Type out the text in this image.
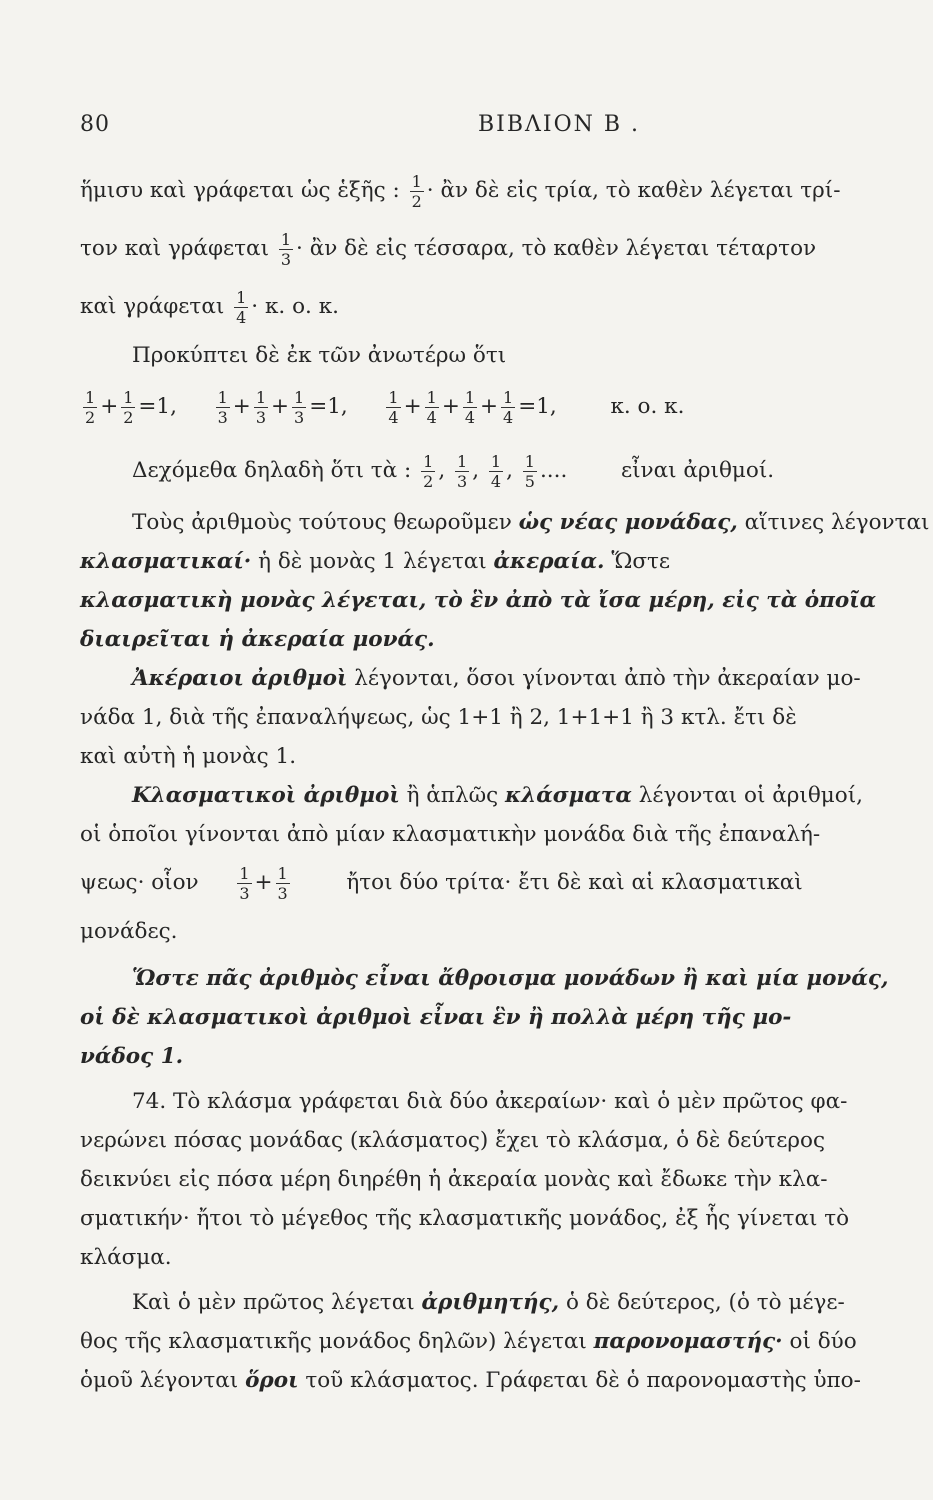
80	ΒΙΒΛΙΟΝ Β .
ἥμισυ καὶ γράφεται ὡς ἑξῆς : $\frac{1}{2}$ · ἂν δὲ εἰς τρία, τὸ καθὲν λέγεται τρί-
τον καὶ γράφεται $\frac{1}{3}$ · ἂν δὲ εἰς τέσσαρα, τὸ καθὲν λέγεται τέταρτον
καὶ γράφεται $\frac{1}{4} \cdot \kappa$. ο. κ.
Προκύπτει δὲ ἐκ τῶν ἀνωτέρω ὅτι
$\frac{1}{2} + \frac{1}{2} =1$, $\frac{1}{3} + \frac{1}{3} + \frac{1}{3} =1$, $\frac{1}{4} + \frac{1}{4} + \frac{1}{4} + \frac{1}{4} =1$, κ. ο. κ.
Δεχόμεθα δηλαδὴ ὅτι τὰ : $\frac{1}{2}$ , $\frac{1}{3}$ , $\frac{1}{4}$ , $\frac{1}{5}$ .... εἶναι ἀριθμοί.
Τοὺς ἀριθμοὺς τούτους θεωροῦμεν ὡς νέας μονάδας, αἵτινες λέγονται
κλασματικαί· ἡ δὲ μονὰς 1 λέγεται ἀκεραία. Ὥστε
κλασματικὴ μονὰς λέγεται, τὸ ἓν ἀπὸ τὰ ἴσα μέρη, εἰς τὰ ὁποῖα
διαιρεῖται ἡ ἀκεραία μονάς.
Ἀκέραιοι ἀριθμοὶ λέγονται, ὅσοι γίνονται ἀπὸ τὴν ἀκεραίαν μο-
νάδα 1, διὰ τῆς ἐπαναλήψεως, ὡς 1+1 ἢ 2, 1+1+1 ἢ 3 κτλ. ἔτι δὲ
καὶ αὐτὴ ἡ μονὰς 1.
Κλασματικοὶ ἀριθμοὶ ἢ ἁπλῶς κλάσματα λέγονται οἱ ἀριθμοί,
οἱ ὁποῖοι γίνονται ἀπὸ μίαν κλασματικὴν μονάδα διὰ τῆς ἐπαναλή-
ψεως· οἷον $\frac{1}{3} + \frac{1}{3}$	ἤτοι δύο τρίτα· ἔτι δὲ καὶ αἱ κλασματικαὶ
μονάδες.
Ὥστε πᾶς ἀριθμὸς εἶναι ἄθροισμα μονάδων ἢ καὶ μία μονάς,
οἱ δὲ κλασματικοὶ ἀριθμοὶ εἶναι ἓν ἢ πολλὰ μέρη τῆς μο-
νάδος 1.
74. Τὸ κλάσμα γράφεται διὰ δύο ἀκεραίων· καὶ ὁ μὲν πρῶτος φα-
νερώνει πόσας μονάδας (κλάσματος) ἔχει τὸ κλάσμα, ὁ δὲ δεύτερος
δεικνύει εἰς πόσα μέρη διηρέθη ἡ ἀκεραία μονὰς καὶ ἔδωκε τὴν κλα-
σματικήν· ἤτοι τὸ μέγεθος τῆς κλασματικῆς μονάδος, ἐξ ἧς γίνεται τὸ
κλάσμα.
Καὶ ὁ μὲν πρῶτος λέγεται ἀριθμητής, ὁ δὲ δεύτερος, (ὁ τὸ μέγε-
θος τῆς κλασματικῆς μονάδος δηλῶν) λέγεται παρονομαστής· οἱ δύο
ὁμοῦ λέγονται ὅροι τοῦ κλάσματος. Γράφεται δὲ ὁ παρονομαστὴς ὑπο-
